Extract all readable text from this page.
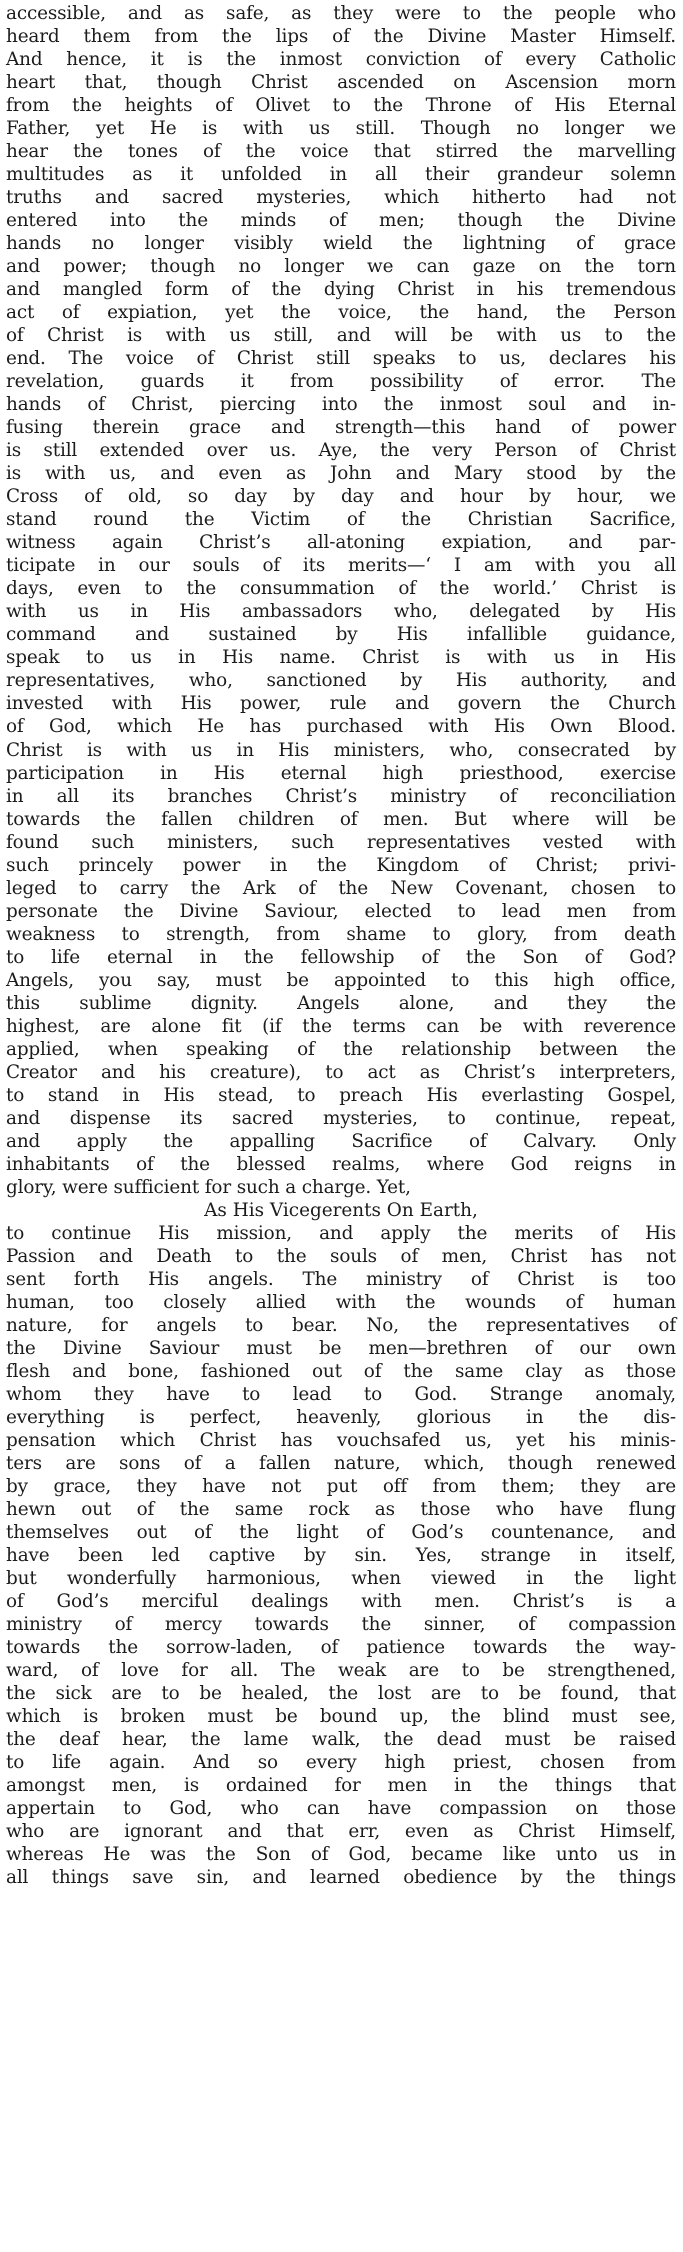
accessible, and as safe, as they were to the people who
heard them from the lips of the Divine Master Himself.
And hence, it is the inmost conviction of every Catholic
heart that, though Christ ascended on Ascension morn
from the heights of Olivet to the Throne of His Eternal
Father, yet He is with us still. Though no longer we
hear the tones of the voice that stirred the marvelling
multitudes as it unfolded in all their grandeur solemn
truths and sacred mysteries, which hitherto had not
entered into the minds of men; though the Divine
hands no longer visibly wield the lightning of grace
and power; though no longer we can gaze on the torn
and mangled form of the dying Christ in his tremendous
act of expiation, yet the voice, the hand, the Person
of Christ is with us still, and will be with us to the
end. The voice of Christ still speaks to us, declares his
revelation, guards it from possibility of error. The
hands of Christ, piercing into the inmost soul and in-
fusing therein grace and strength—this hand of power
is still extended over us. Aye, the very Person of Christ
is with us, and even as John and Mary stood by the
Cross of old, so day by day and hour by hour, we
stand round the Victim of the Christian Sacrifice,
witness again Christ’s all-atoning expiation, and par-
ticipate in our souls of its merits—‘ I am with you all
days, even to the consummation of the world.’ Christ is
with us in His ambassadors who, delegated by His
command and sustained by His infallible guidance,
speak to us in His name. Christ is with us in His
representatives, who, sanctioned by His authority, and
invested with His power, rule and govern the Church
of God, which He has purchased with His Own Blood.
Christ is with us in His ministers, who, consecrated by
participation in His eternal high priesthood, exercise
in all its branches Christ’s ministry of reconciliation
towards the fallen children of men. But where will be
found such ministers, such representatives vested with
such princely power in the Kingdom of Christ; privi-
leged to carry the Ark of the New Covenant, chosen to
personate the Divine Saviour, elected to lead men from
weakness to strength, from shame to glory, from death
to life eternal in the fellowship of the Son of God?
Angels, you say, must be appointed to this high office,
this sublime dignity. Angels alone, and they the
highest, are alone fit (if the terms can be with reverence
applied, when speaking of the relationship between the
Creator and his creature), to act as Christ’s interpreters,
to stand in His stead, to preach His everlasting Gospel,
and dispense its sacred mysteries, to continue, repeat,
and apply the appalling Sacrifice of Calvary. Only
inhabitants of the blessed realms, where God reigns in
glory, were sufficient for such a charge. Yet,
As His Vicegerents On Earth,
to continue His mission, and apply the merits of His
Passion and Death to the souls of men, Christ has not
sent forth His angels. The ministry of Christ is too
human, too closely allied with the wounds of human
nature, for angels to bear. No, the representatives of
the Divine Saviour must be men—brethren of our own
flesh and bone, fashioned out of the same clay as those
whom they have to lead to God. Strange anomaly,
everything is perfect, heavenly, glorious in the dis-
pensation which Christ has vouchsafed us, yet his minis-
ters are sons of a fallen nature, which, though renewed
by grace, they have not put off from them; they are
hewn out of the same rock as those who have flung
themselves out of the light of God’s countenance, and
have been led captive by sin. Yes, strange in itself,
but wonderfully harmonious, when viewed in the light
of God’s merciful dealings with men. Christ’s is a
ministry of mercy towards the sinner, of compassion
towards the sorrow-laden, of patience towards the way-
ward, of love for all. The weak are to be strengthened,
the sick are to be healed, the lost are to be found, that
which is broken must be bound up, the blind must see,
the deaf hear, the lame walk, the dead must be raised
to life again. And so every high priest, chosen from
amongst men, is ordained for men in the things that
appertain to God, who can have compassion on those
who are ignorant and that err, even as Christ Himself,
whereas He was the Son of God, became like unto us in
all things save sin, and learned obedience by the things
